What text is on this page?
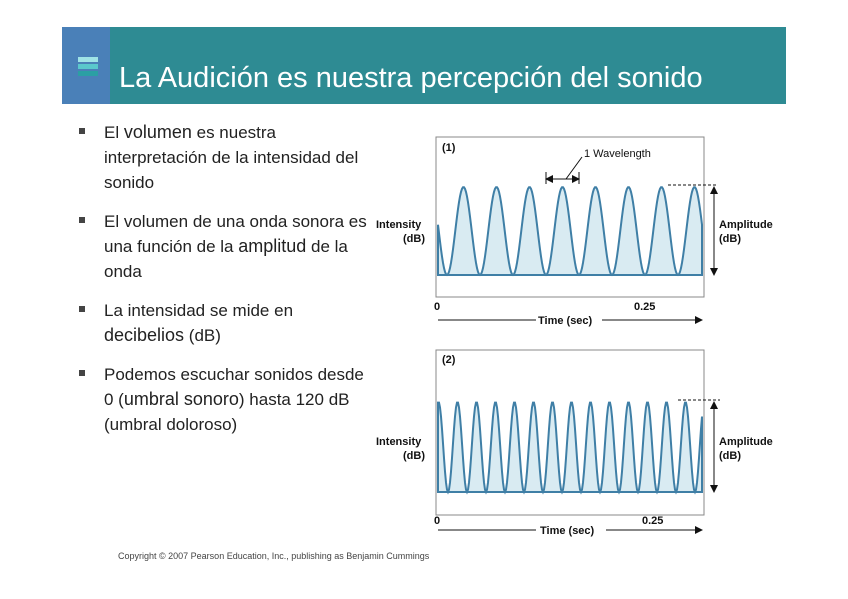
La Audición es nuestra percepción del sonido
El volumen es nuestra interpretación de la intensidad del sonido
El volumen de una onda sonora es una función de la amplitud de la onda
La intensidad se mide en decibelios (dB)
Podemos escuchar sonidos desde 0 (umbral sonoro) hasta 120 dB (umbral doloroso)
(1)	1 Wavelength
Intensity
(dB)
Amplitude
(dB)
0	0.25
Time (sec)
(2)
Intensity
(dB)
Amplitude
(dB)
0	0.25
Time (sec)
Copyright © 2007 Pearson Education, Inc., publishing as Benjamin Cummings
